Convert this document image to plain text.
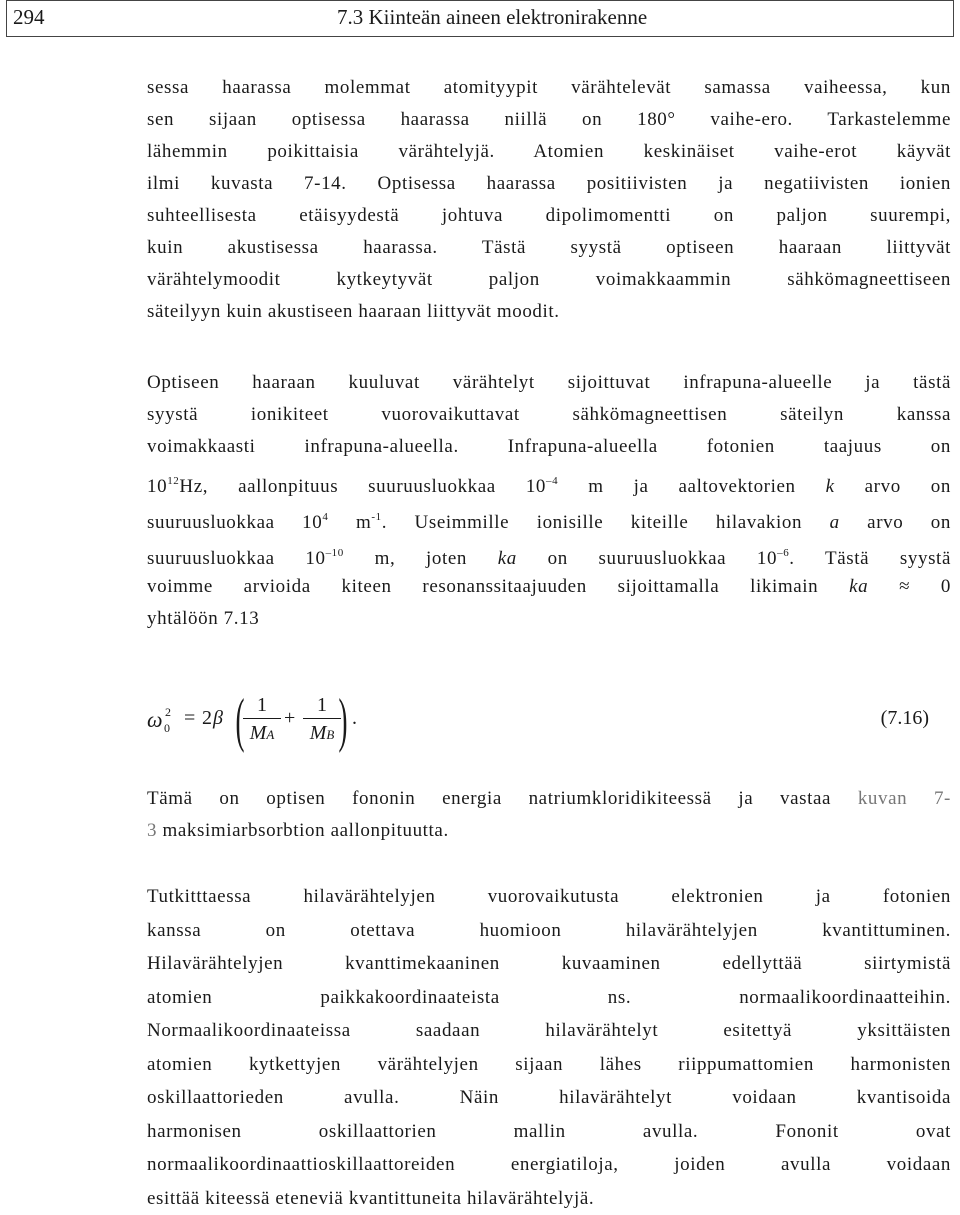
294	7.3 Kiinteän aineen elektronirakenne
sessa haarassa molemmat atomityypit värähtelevät samassa vaiheessa, kun
sen sijaan optisessa haarassa niillä on 180° vaihe-ero. Tarkastelemme
lähemmin poikittaisia värähtelyjä. Atomien keskinäiset vaihe-erot käyvät
ilmi kuvasta 7-14. Optisessa haarassa positiivisten ja negatiivisten ionien
suhteellisesta etäisyydestä johtuva dipolimomentti on paljon suurempi,
kuin akustisessa haarassa. Tästä syystä optiseen haaraan liittyvät
värähtelymoodit kytkeytyvät paljon voimakkaammin sähkömagneettiseen
säteilyyn kuin akustiseen haaraan liittyvät moodit.
Optiseen haaraan kuuluvat värähtelyt sijoittuvat infrapuna-alueelle ja tästä
syystä ionikiteet vuorovaikuttavat sähkömagneettisen säteilyn kanssa
voimakkaasti infrapuna-alueella. Infrapuna-alueella fotonien taajuus on
$10^{12}Hz$, aallonpituus suuruusluokkaa $10^{-4}$ m ja aaltovektorien k arvo on
suuruusluokkaa $10^4$ $m^{-1}$. Useimmille ionisille kiteille hilavakion a arvo on
suuruusluokkaa $10^{-10}$ m, joten ka on suuruusluokkaa $10^{-6}$. Tästä syystä
voimme arvioida kiteen resonanssitaajuuden sijoittamalla likimain ka ≈ 0
yhtälöön 7.13
ω 2
0 = 2 β ( 1
MA
+
1
MB ) .	(7.16)
Tämä on optisen fononin energia natriumkloridikiteessä ja vastaa kuvan 7-
3 maksimiarbsorbtion aallonpituutta.
Tutkitttaessa hilavärähtelyjen vuorovaikutusta elektronien ja fotonien
kanssa on otettava huomioon hilavärähtelyjen kvantittuminen.
Hilavärähtelyjen kvanttimekaaninen kuvaaminen edellyttää siirtymistä
atomien paikkakoordinaateista ns. normaalikoordinaatteihin.
Normaalikoordinaateissa saadaan hilavärähtelyt esitettyä yksittäisten
atomien kytkettyjen värähtelyjen sijaan lähes riippumattomien harmonisten
oskillaattorieden avulla. Näin hilavärähtelyt voidaan kvantisoida
harmonisen oskillaattorien mallin avulla. Fononit ovat
normaalikoordinaattioskillaattoreiden energiatiloja, joiden avulla voidaan
esittää kiteessä eteneviä kvantittuneita hilavärähtelyjä.
